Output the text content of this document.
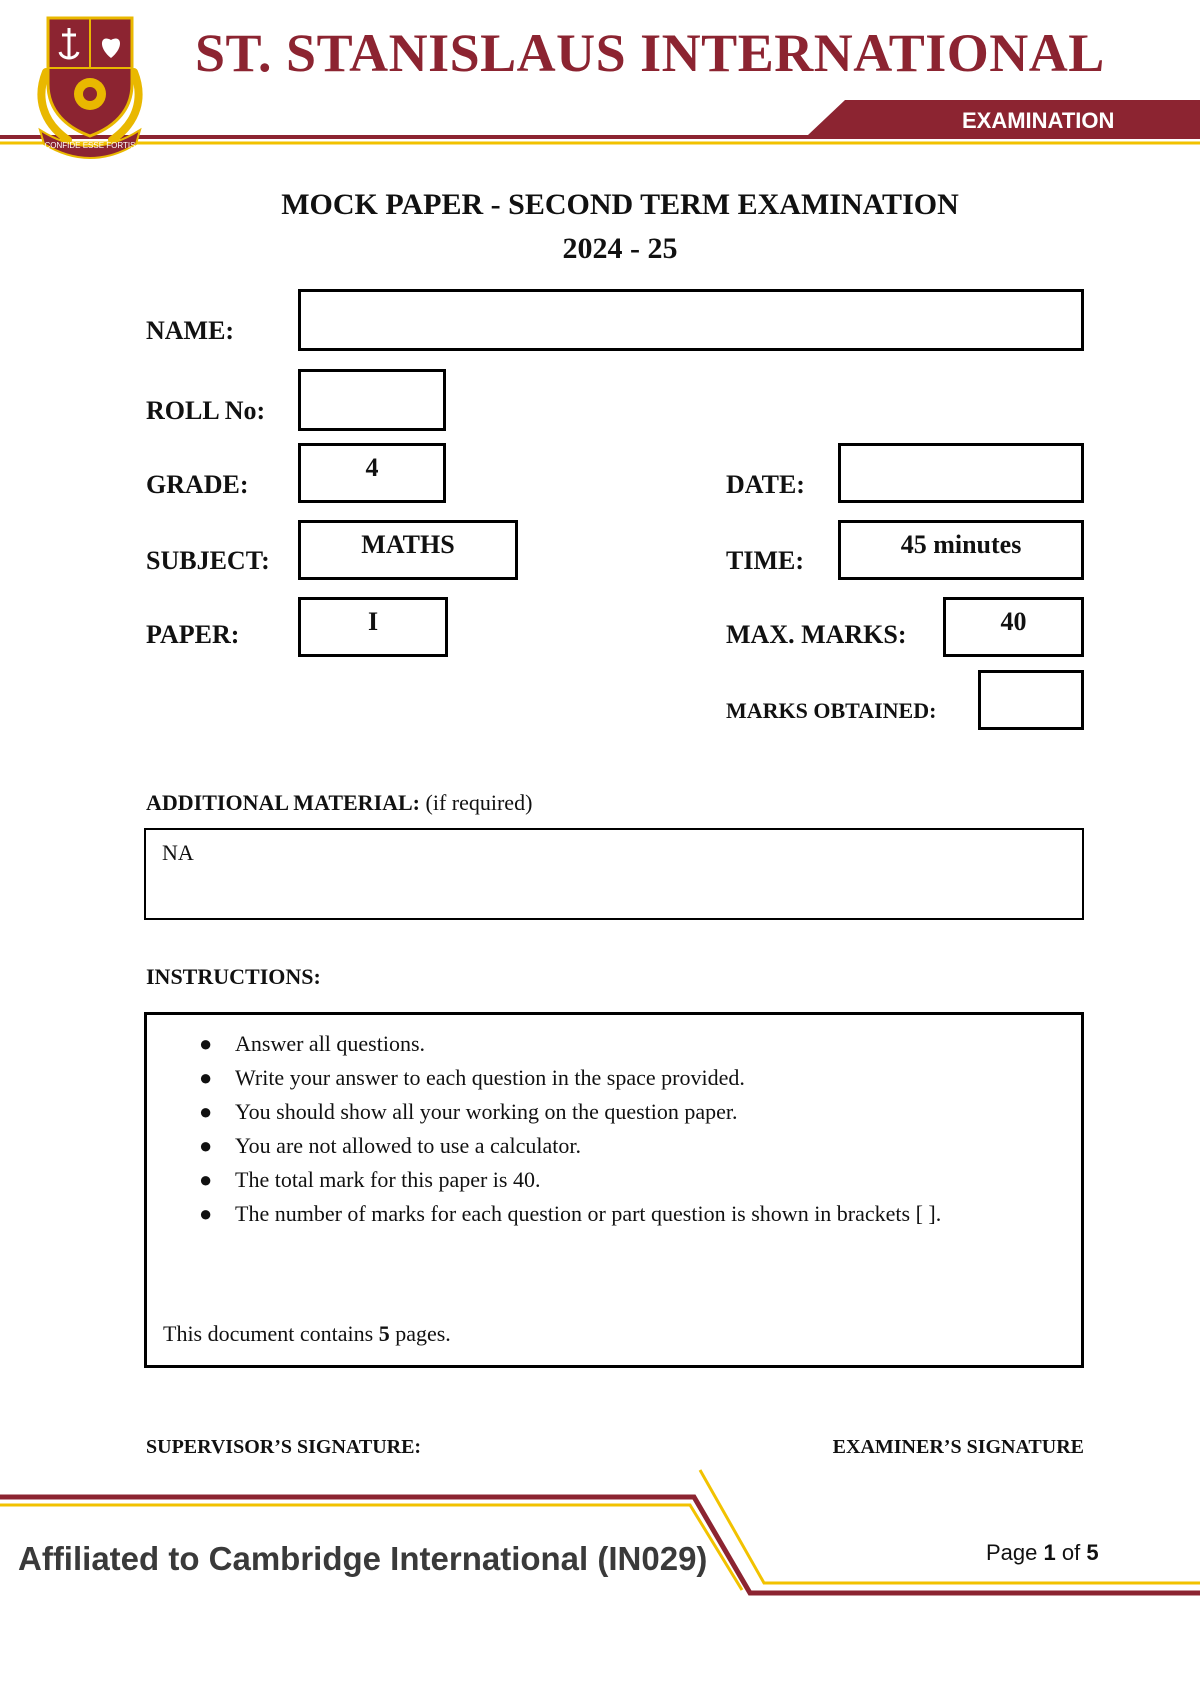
CONFIDE ESSE FORTIS
ST. STANISLAUS INTERNATIONAL
EXAMINATION
MOCK PAPER - SECOND TERM EXAMINATION
2024 - 25
NAME:
ROLL No:
GRADE:
4
DATE:
SUBJECT:
MATHS
TIME:
45 minutes
PAPER:	I	MAX. MARKS:	40
MARKS OBTAINED:
ADDITIONAL MATERIAL: (if required)
NA
INSTRUCTIONS:
● Answer all questions.
● Write your answer to each question in the space provided.
● You should show all your working on the question paper.
● You are not allowed to use a calculator.
● The total mark for this paper is 40.
● The number of marks for each question or part question is shown in brackets [ ].
This document contains 5 pages.
SUPERVISOR’S SIGNATURE:	EXAMINER’S SIGNATURE
Affiliated to Cambridge International (IN029)	Page 1 of 5
